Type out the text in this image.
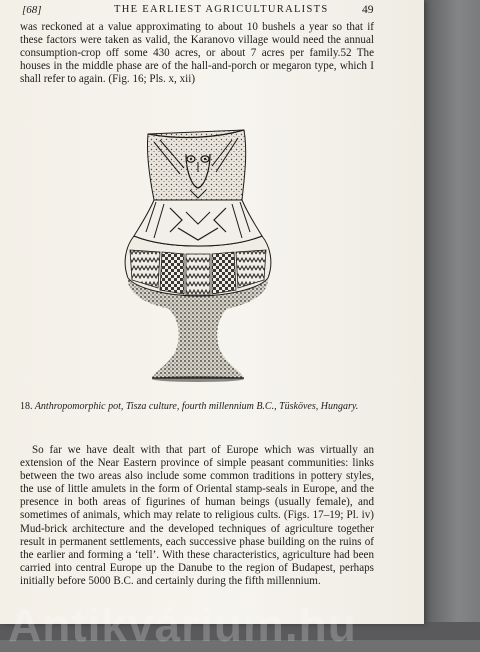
[68]	THE EARLIEST AGRICULTURALISTS	49

was reckoned at a value approximating to about 10 bushels a year so that if these factors were taken as valid, the Karanovo village would need the annual consumption-crop off some 430 acres, or about 7 acres per family.52 The houses in the middle phase are of the hall-and-porch or megaron type, which I shall refer to again. (Fig. 16; Pls. x, xii)

18. Anthropomorphic pot, Tisza culture, fourth millennium B.C., Tüsköves, Hungary.

So far we have dealt with that part of Europe which was virtually an extension of the Near Eastern province of simple peasant communities: links between the two areas also include some common traditions in pottery styles, the use of little amulets in the form of Oriental stamp-seals in Europe, and the presence in both areas of figurines of human beings (usually female), and sometimes of animals, which may relate to religious cults. (Figs. 17–19; Pl. iv) Mud-brick architecture and the developed techniques of agriculture together result in permanent settlements, each successive phase building on the ruins of the earlier and forming a ‘tell’. With these characteristics, agriculture had been carried into central Europe up the Danube to the region of Budapest, perhaps initially before 5000 B.C. and certainly during the fifth millennium.

Antikvárium.hu
